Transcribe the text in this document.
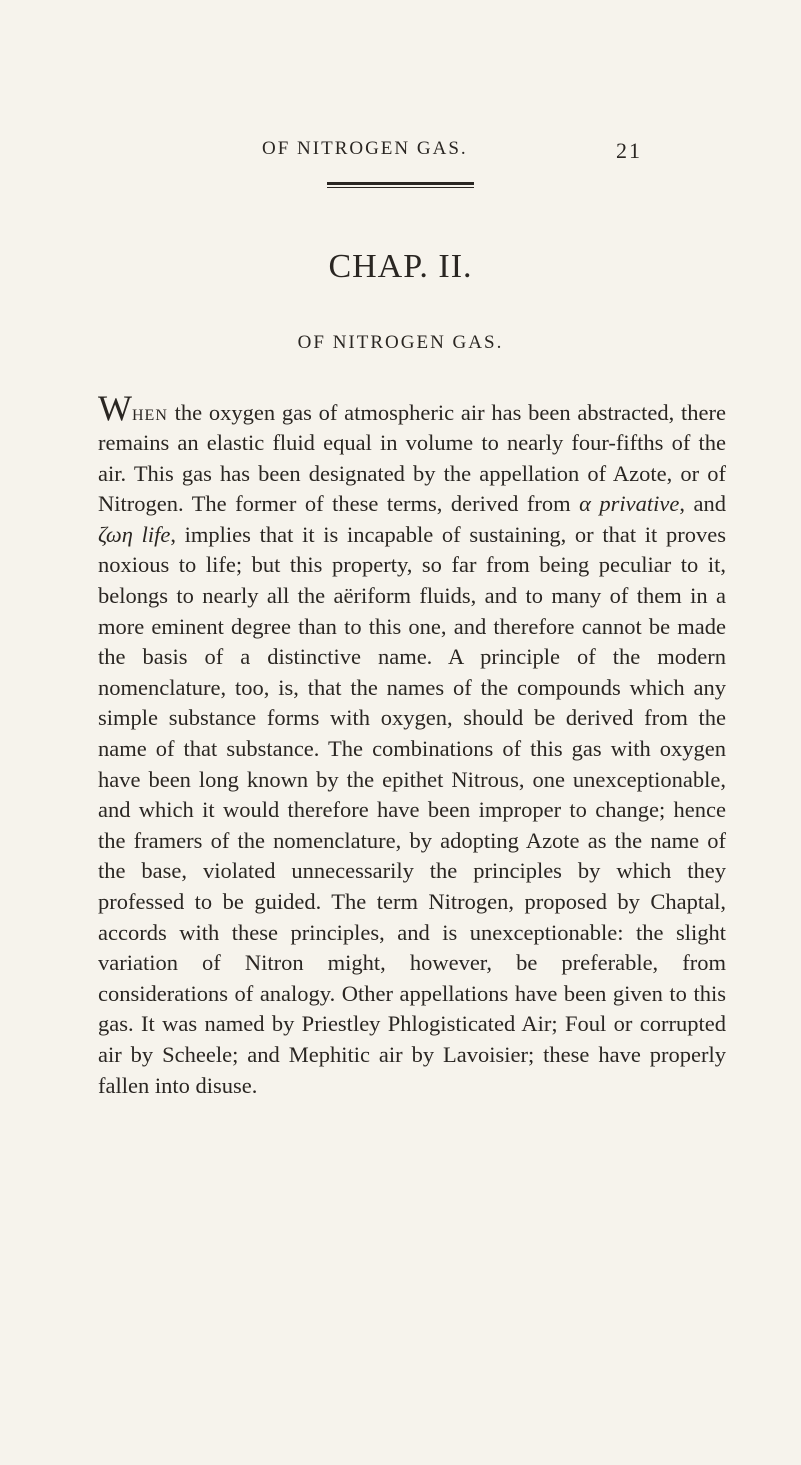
OF NITROGEN GAS.	21
CHAP. II.
OF NITROGEN GAS.

When the oxygen gas of atmospheric air has been abstracted, there remains an elastic fluid equal in volume to nearly four-fifths of the air. This gas has been designated by the appellation of Azote, or of Nitrogen. The former of these terms, derived from α privative, and ζωη life, implies that it is incapable of sustaining, or that it proves noxious to life; but this property, so far from being peculiar to it, belongs to nearly all the aëriform fluids, and to many of them in a more eminent degree than to this one, and therefore cannot be made the basis of a distinctive name. A principle of the modern nomenclature, too, is, that the names of the compounds which any simple substance forms with oxygen, should be derived from the name of that substance. The combinations of this gas with oxygen have been long known by the epithet Nitrous, one unexceptionable, and which it would therefore have been improper to change; hence the framers of the nomenclature, by adopting Azote as the name of the base, violated unnecessarily the principles by which they professed to be guided. The term Nitrogen, proposed by Chaptal, accords with these principles, and is unexceptionable: the slight variation of Nitron might, however, be preferable, from considerations of analogy. Other appellations have been given to this gas. It was named by Priestley Phlogisticated Air; Foul or corrupted air by Scheele; and Mephitic air by Lavoisier; these have properly fallen into disuse.
